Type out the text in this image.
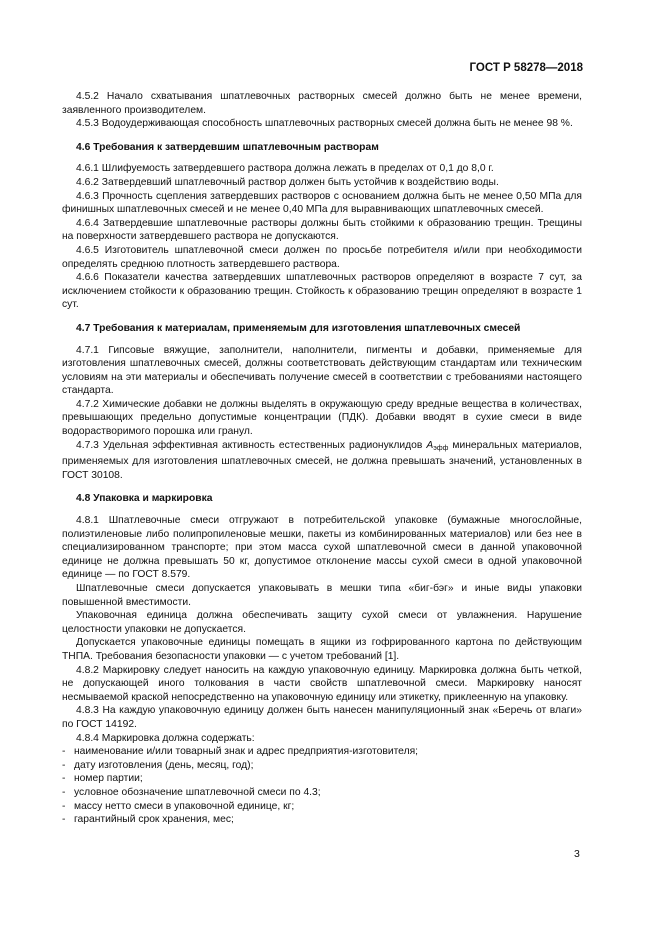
ГОСТ Р 58278—2018

4.5.2 Начало схватывания шпатлевочных растворных смесей должно быть не менее времени, заявленного производителем.

4.5.3 Водоудерживающая способность шпатлевочных растворных смесей должна быть не менее 98 %.

4.6 Требования к затвердевшим шпатлевочным растворам

4.6.1 Шлифуемость затвердевшего раствора должна лежать в пределах от 0,1 до 8,0 г.

4.6.2 Затвердевший шпатлевочный раствор должен быть устойчив к воздействию воды.

4.6.3 Прочность сцепления затвердевших растворов с основанием должна быть не менее 0,50 МПа для финишных шпатлевочных смесей и не менее 0,40 МПа для выравнивающих шпатлевочных смесей.

4.6.4 Затвердевшие шпатлевочные растворы должны быть стойкими к образованию трещин. Трещины на поверхности затвердевшего раствора не допускаются.

4.6.5 Изготовитель шпатлевочной смеси должен по просьбе потребителя и/или при необходимости определять среднюю плотность затвердевшего раствора.

4.6.6 Показатели качества затвердевших шпатлевочных растворов определяют в возрасте 7 сут, за исключением стойкости к образованию трещин. Стойкость к образованию трещин определяют в возрасте 1 сут.

4.7 Требования к материалам, применяемым для изготовления шпатлевочных смесей

4.7.1 Гипсовые вяжущие, заполнители, наполнители, пигменты и добавки, применяемые для изготовления шпатлевочных смесей, должны соответствовать действующим стандартам или техническим условиям на эти материалы и обеспечивать получение смесей в соответствии с требованиями настоящего стандарта.

4.7.2 Химические добавки не должны выделять в окружающую среду вредные вещества в количествах, превышающих предельно допустимые концентрации (ПДК). Добавки вводят в сухие смеси в виде водорастворимого порошка или гранул.

4.7.3 Удельная эффективная активность естественных радионуклидов $A_{эфф}$ минеральных материалов, применяемых для изготовления шпатлевочных смесей, не должна превышать значений, установленных в ГОСТ 30108.

4.8 Упаковка и маркировка

4.8.1 Шпатлевочные смеси отгружают в потребительской упаковке (бумажные многослойные, полиэтиленовые либо полипропиленовые мешки, пакеты из комбинированных материалов) или без нее в специализированном транспорте; при этом масса сухой шпатлевочной смеси в данной упаковочной единице не должна превышать 50 кг, допустимое отклонение массы сухой смеси в одной упаковочной единице — по ГОСТ 8.579.

Шпатлевочные смеси допускается упаковывать в мешки типа «биг-бэг» и иные виды упаковки повышенной вместимости.

Упаковочная единица должна обеспечивать защиту сухой смеси от увлажнения. Нарушение целостности упаковки не допускается.

Допускается упаковочные единицы помещать в ящики из гофрированного картона по действующим ТНПА. Требования безопасности упаковки — с учетом требований [1].

4.8.2 Маркировку следует наносить на каждую упаковочную единицу. Маркировка должна быть четкой, не допускающей иного толкования в части свойств шпатлевочной смеси. Маркировку наносят несмываемой краской непосредственно на упаковочную единицу или этикетку, приклеенную на упаковку.

4.8.3 На каждую упаковочную единицу должен быть нанесен манипуляционный знак «Беречь от влаги» по ГОСТ 14192.

4.8.4 Маркировка должна содержать:

- наименование и/или товарный знак и адрес предприятия-изготовителя;
- дату изготовления (день, месяц, год);
- номер партии;
- условное обозначение шпатлевочной смеси по 4.3;
- массу нетто смеси в упаковочной единице, кг;
- гарантийный срок хранения, мес;
3
